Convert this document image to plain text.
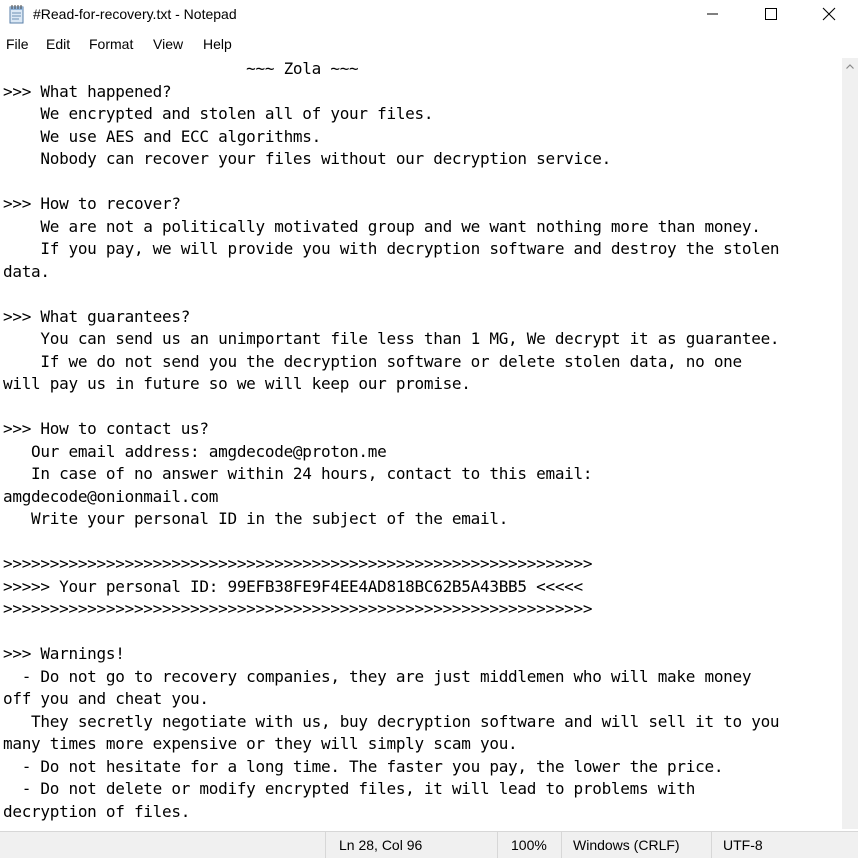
#Read-for-recovery.txt - Notepad
File Edit Format View Help
~~~ Zola ~~~
>>> What happened?
We encrypted and stolen all of your files.
We use AES and ECC algorithms.
Nobody can recover your files without our decryption service.

>>> How to recover?
We are not a politically motivated group and we want nothing more than money.
If you pay, we will provide you with decryption software and destroy the stolen
data.

>>> What guarantees?
You can send us an unimportant file less than 1 MG, We decrypt it as guarantee.
If we do not send you the decryption software or delete stolen data, no one
will pay us in future so we will keep our promise.

>>> How to contact us?
Our email address: amgdecode@proton.me
In case of no answer within 24 hours, contact to this email:
amgdecode@onionmail.com
Write your personal ID in the subject of the email.

>>>>>>>>>>>>>>>>>>>>>>>>>>>>>>>>>>>>>>>>>>>>>>>>>>>>>>>>>>>>>>>
>>>>> Your personal ID: 99EFB38FE9F4EE4AD818BC62B5A43BB5 <<<<<
>>>>>>>>>>>>>>>>>>>>>>>>>>>>>>>>>>>>>>>>>>>>>>>>>>>>>>>>>>>>>>>

>>> Warnings!
- Do not go to recovery companies, they are just middlemen who will make money
off you and cheat you.
They secretly negotiate with us, buy decryption software and will sell it to you
many times more expensive or they will simply scam you.
- Do not hesitate for a long time. The faster you pay, the lower the price.
- Do not delete or modify encrypted files, it will lead to problems with
decryption of files.
Ln 28, Col 96	100% Windows (CRLF)	UTF-8
